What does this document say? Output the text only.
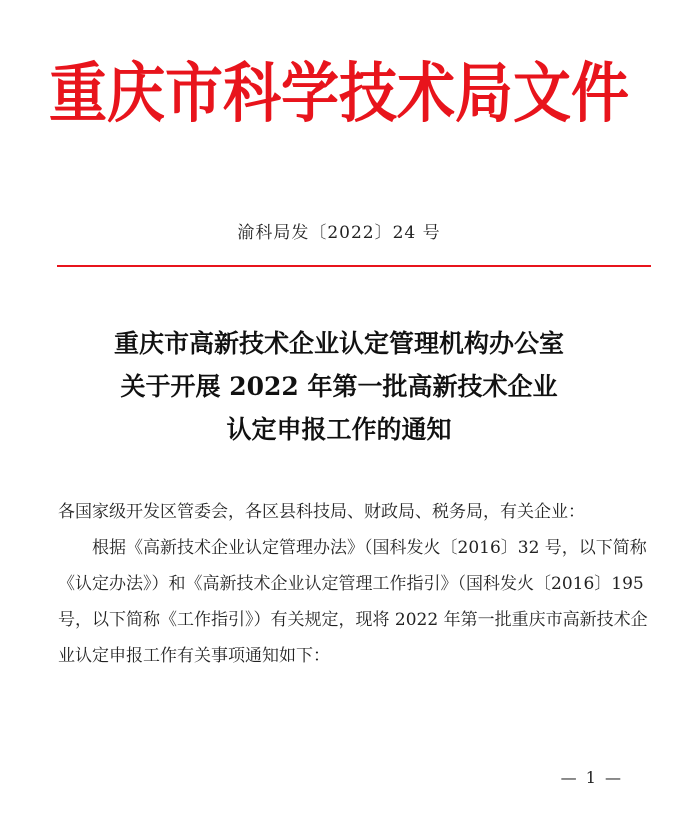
重庆市科学技术局文件
渝科局发〔2022〕24 号
重庆市高新技术企业认定管理机构办公室
关于开展 2022 年第一批高新技术企业
认定申报工作的通知

各国家级开发区管委会，各区县科技局、财政局、税务局，有关企业：

根据《高新技术企业认定管理办法》（国科发火〔2016〕32 号，以下简称《认定办法》）和《高新技术企业认定管理工作指引》（国科发火〔2016〕195 号，以下简称《工作指引》）有关规定，现将 2022 年第一批重庆市高新技术企业认定申报工作有关事项通知如下：

— 1 —
